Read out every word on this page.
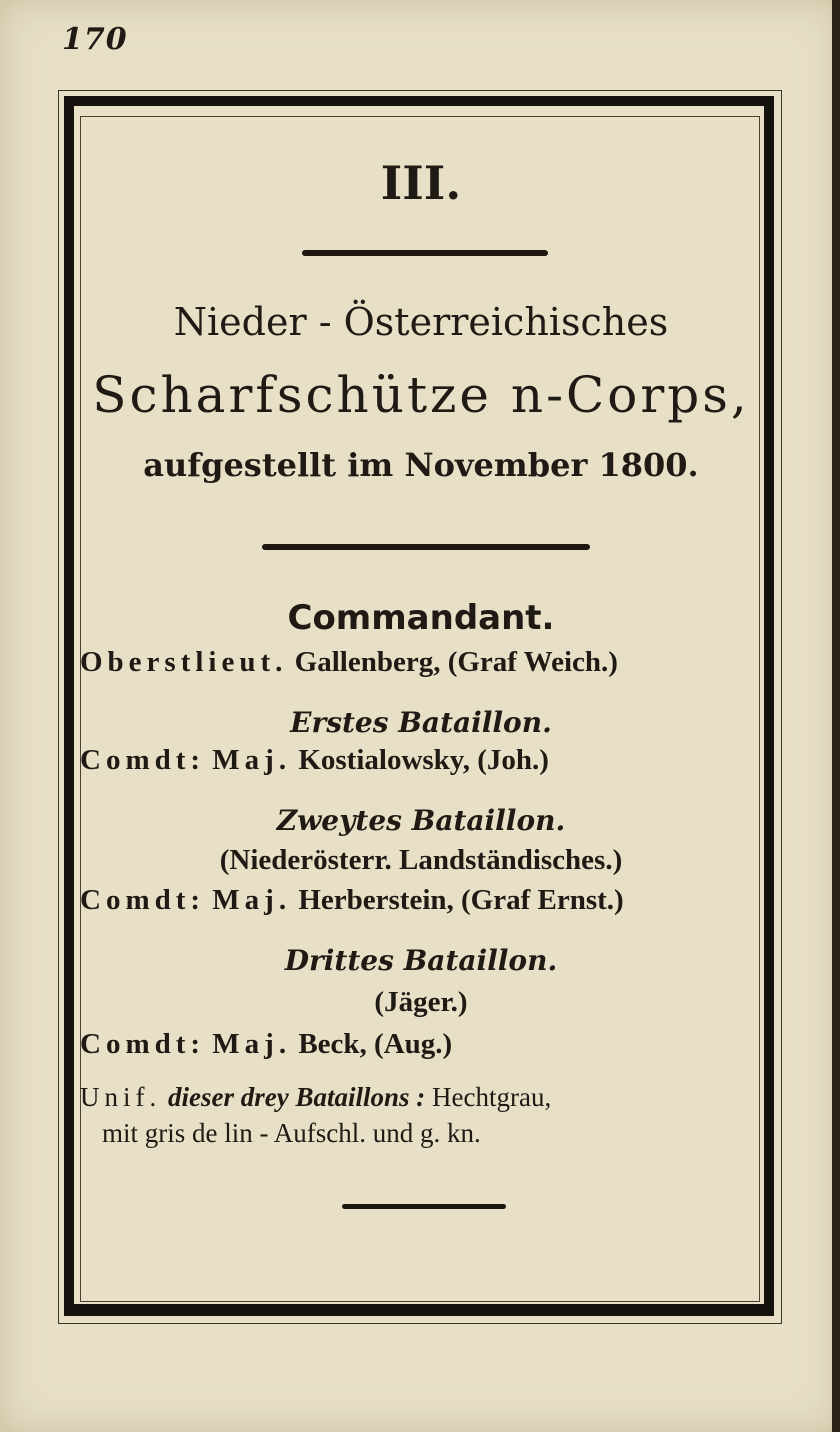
170
III.
Nieder - Österreichisches
Scharfschütze n-Corps,
aufgestellt im November 1800.
Commandant.
Oberstlieut. Gallenberg, (Graf Weich.)
Erstes Bataillon.
Comdt: Maj. Kostialowsky, (Joh.)
Zweytes Bataillon.
(Niederösterr. Landständisches.)
Comdt: Maj. Herberstein, (Graf Ernst.)
Drittes Bataillon.
(Jäger.)
Comdt: Maj. Beck, (Aug.)
Unif. dieser drey Bataillons : Hechtgrau,
mit gris de lin - Aufschl. und g. kn.
